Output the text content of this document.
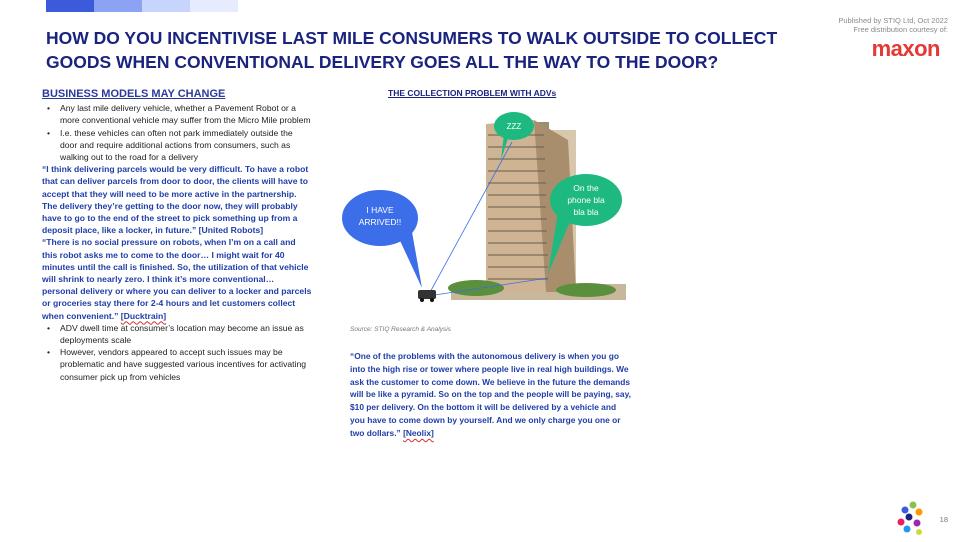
HOW DO YOU INCENTIVISE LAST MILE CONSUMERS TO WALK OUTSIDE TO COLLECT GOODS WHEN CONVENTIONAL DELIVERY GOES ALL THE WAY TO THE DOOR?
Published by STIQ Ltd, Oct 2022
Free distribution courtesy of:
maxon
BUSINESS MODELS MAY CHANGE
• Any last mile delivery vehicle, whether a Pavement Robot or a more conventional vehicle may suffer from the Micro Mile problem
• I.e. these vehicles can often not park immediately outside the door and require additional actions from consumers, such as walking out to the road for a delivery
“I think delivering parcels would be very difficult. To have a robot that can deliver parcels from door to door, the clients will have to accept that they will need to be more active in the partnership. The delivery they’re getting to the door now, they will probably have to go to the end of the street to pick something up from a deposit place, like a locker, in future.” [United Robots]
“There is no social pressure on robots, when I’m on a call and this robot asks me to come to the door… I might wait for 40 minutes until the call is finished. So, the utilization of that vehicle will shrink to nearly zero. I think it’s more conventional… personal delivery or where you can deliver to a locker and parcels or groceries stay there for 2-4 hours and let customers collect when convenient.” [Ducktrain]
• ADV dwell time at consumer’s location may become an issue as deployments scale
• However, vendors appeared to accept such issues may be problematic and have suggested various incentives for activating consumer pick up from vehicles
THE COLLECTION PROBLEM WITH ADVs
ZZZ
On the
phone bla
bla bla
I HAVE
ARRIVED!!
Source: STIQ Research & Analysis
“One of the problems with the autonomous delivery is when you go into the high rise or tower where people live in real high buildings. We ask the customer to come down. We believe in the future the demands will be like a pyramid. So on the top and the people will be paying, say, $10 per delivery. On the bottom it will be delivered by a vehicle and you have to come down by yourself. And we only charge you one or two dollars.” [Neolix]
18
